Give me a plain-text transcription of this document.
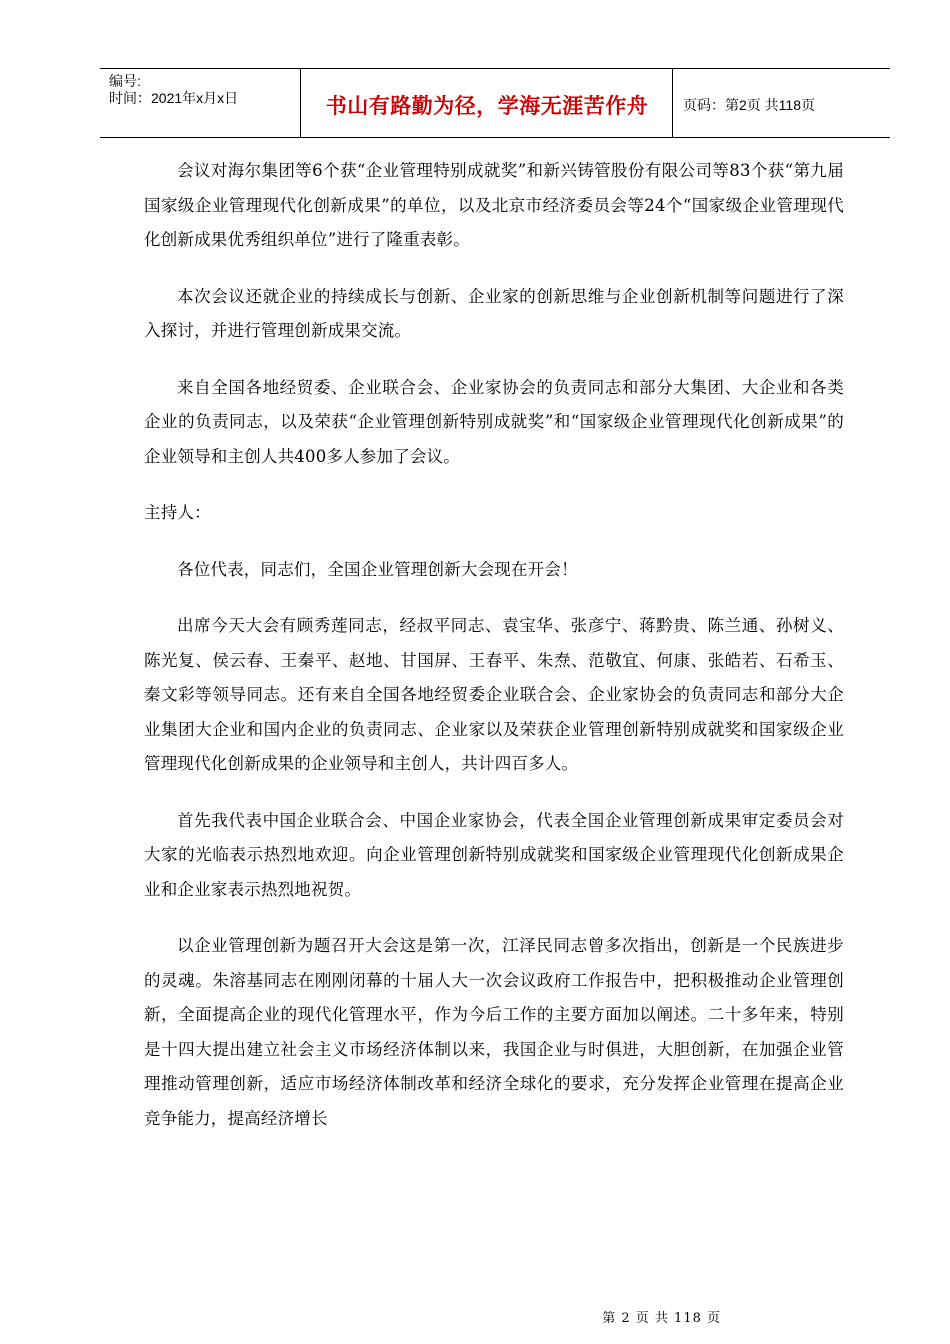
编号:
时间：2021年x月x日	书山有路勤为径，学海无涯苦作舟	页码：第2页 共118页

会议对海尔集团等6个获“企业管理特别成就奖”和新兴铸管股份有限公司等83个获“第九届国家级企业管理现代化创新成果”的单位，以及北京市经济委员会等24个“国家级企业管理现代化创新成果优秀组织单位”进行了隆重表彰。

本次会议还就企业的持续成长与创新、企业家的创新思维与企业创新机制等问题进行了深入探讨，并进行管理创新成果交流。

来自全国各地经贸委、企业联合会、企业家协会的负责同志和部分大集团、大企业和各类企业的负责同志，以及荣获“企业管理创新特别成就奖”和“国家级企业管理现代化创新成果”的企业领导和主创人共400多人参加了会议。

主持人：

各位代表，同志们，全国企业管理创新大会现在开会！

出席今天大会有顾秀莲同志，经叔平同志、袁宝华、张彦宁、蒋黔贵、陈兰通、孙树义、陈光复、侯云春、王秦平、赵地、甘国屏、王春平、朱焘、范敬宜、何康、张皓若、石希玉、秦文彩等领导同志。还有来自全国各地经贸委企业联合会、企业家协会的负责同志和部分大企业集团大企业和国内企业的负责同志、企业家以及荣获企业管理创新特别成就奖和国家级企业管理现代化创新成果的企业领导和主创人，共计四百多人。

首先我代表中国企业联合会、中国企业家协会，代表全国企业管理创新成果审定委员会对大家的光临表示热烈地欢迎。向企业管理创新特别成就奖和国家级企业管理现代化创新成果企业和企业家表示热烈地祝贺。

以企业管理创新为题召开大会这是第一次，江泽民同志曾多次指出，创新是一个民族进步的灵魂。朱溶基同志在刚刚闭幕的十届人大一次会议政府工作报告中，把积极推动企业管理创新，全面提高企业的现代化管理水平，作为今后工作的主要方面加以阐述。二十多年来，特别是十四大提出建立社会主义市场经济体制以来，我国企业与时俱进，大胆创新，在加强企业管理推动管理创新，适应市场经济体制改革和经济全球化的要求，充分发挥企业管理在提高企业竞争能力，提高经济增长

第 2 页 共 118 页
